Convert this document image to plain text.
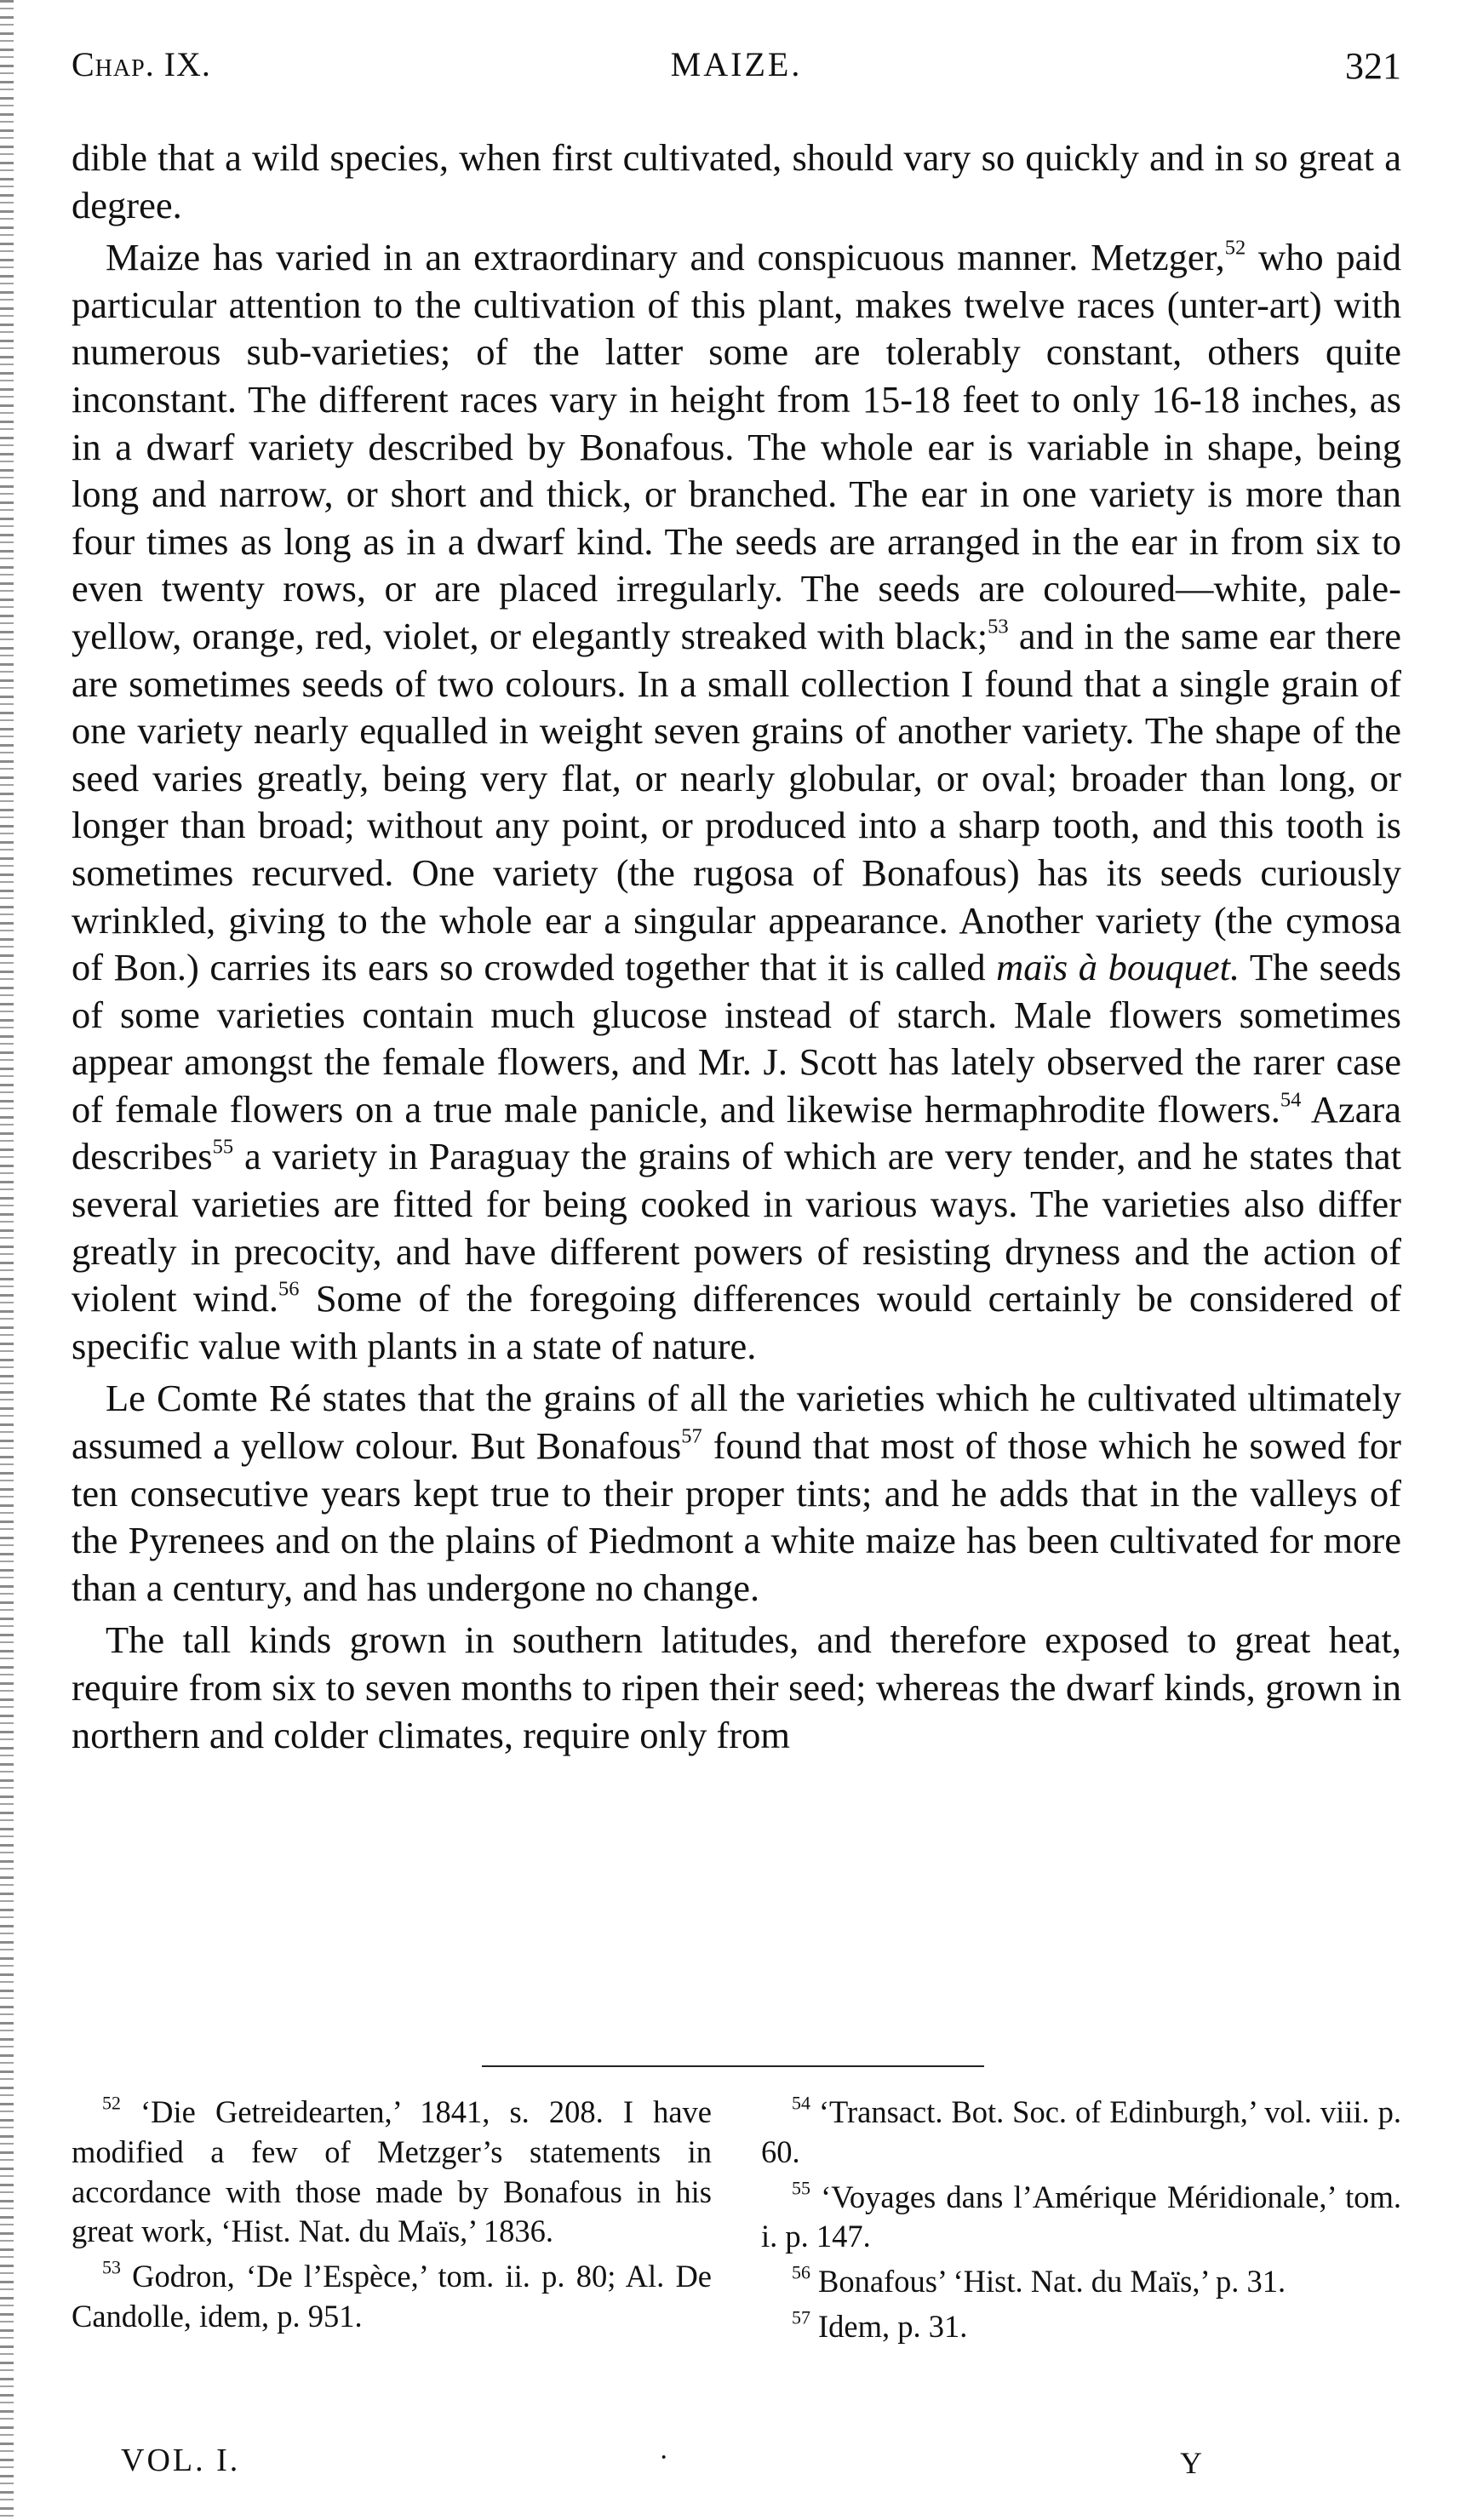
Chap. IX.	MAIZE.	321

dible that a wild species, when first cultivated, should vary so quickly and in so great a degree.

Maize has varied in an extraordinary and conspicuous manner. Metzger,$^{52}$ who paid particular attention to the cultivation of this plant, makes twelve races (unter-art) with numerous sub-varieties; of the latter some are tolerably constant, others quite inconstant. The different races vary in height from 15-18 feet to only 16-18 inches, as in a dwarf variety described by Bonafous. The whole ear is variable in shape, being long and narrow, or short and thick, or branched. The ear in one variety is more than four times as long as in a dwarf kind. The seeds are arranged in the ear in from six to even twenty rows, or are placed irregularly. The seeds are coloured—white, pale-yellow, orange, red, violet, or elegantly streaked with black;$^{53}$ and in the same ear there are sometimes seeds of two colours. In a small collection I found that a single grain of one variety nearly equalled in weight seven grains of another variety. The shape of the seed varies greatly, being very flat, or nearly globular, or oval; broader than long, or longer than broad; without any point, or produced into a sharp tooth, and this tooth is sometimes recurved. One variety (the rugosa of Bonafous) has its seeds curiously wrinkled, giving to the whole ear a singular appearance. Another variety (the cymosa of Bon.) carries its ears so crowded together that it is called maïs à bouquet. The seeds of some varieties contain much glucose instead of starch. Male flowers sometimes appear amongst the female flowers, and Mr. J. Scott has lately observed the rarer case of female flowers on a true male panicle, and likewise hermaphrodite flowers.$^{54}$ Azara describes$^{55}$ a variety in Paraguay the grains of which are very tender, and he states that several varieties are fitted for being cooked in various ways. The varieties also differ greatly in precocity, and have different powers of resisting dryness and the action of violent wind.$^{56}$ Some of the foregoing differences would certainly be considered of specific value with plants in a state of nature.

Le Comte Ré states that the grains of all the varieties which he cultivated ultimately assumed a yellow colour. But Bonafous$^{57}$ found that most of those which he sowed for ten consecutive years kept true to their proper tints; and he adds that in the valleys of the Pyrenees and on the plains of Piedmont a white maize has been cultivated for more than a century, and has undergone no change.

The tall kinds grown in southern latitudes, and therefore exposed to great heat, require from six to seven months to ripen their seed; whereas the dwarf kinds, grown in northern and colder climates, require only from

$^{52}$ ‘Die Getreidearten,’ 1841, s. 208. I have modified a few of Metzger’s statements in accordance with those made by Bonafous in his great work, ‘Hist. Nat. du Maïs,’ 1836.

$^{53}$ Godron, ‘De l’Espèce,’ tom. ii. p. 80; Al. De Candolle, idem, p. 951.

$^{54}$ ‘Transact. Bot. Soc. of Edinburgh,’ vol. viii. p. 60.

$^{55}$ ‘Voyages dans l’Amérique Méridionale,’ tom. i. p. 147.

$^{56}$ Bonafous’ ‘Hist. Nat. du Maïs,’ p. 31.

$^{57}$ Idem, p. 31.

VOL. I.	·	Y
